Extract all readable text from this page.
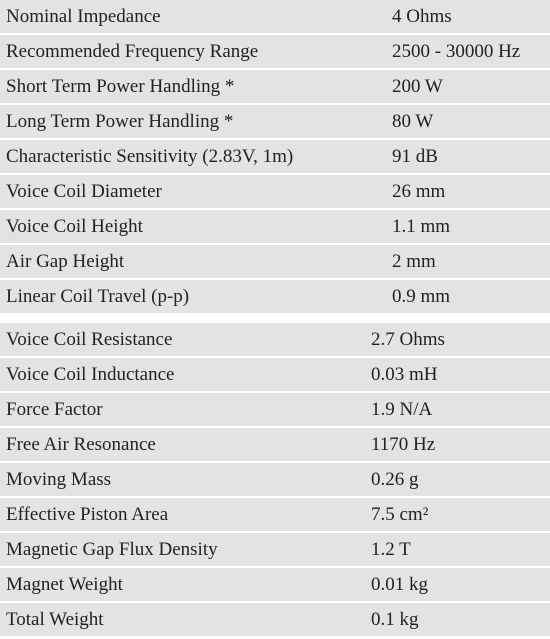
Nominal Impedance	4 Ohms
Recommended Frequency Range	2500 - 30000 Hz
Short Term Power Handling *	200 W
Long Term Power Handling *	80 W
Characteristic Sensitivity (2.83V, 1m)	91 dB
Voice Coil Diameter	26 mm
Voice Coil Height	1.1 mm
Air Gap Height	2 mm
Linear Coil Travel (p-p)	0.9 mm
Voice Coil Resistance	2.7 Ohms
Voice Coil Inductance	0.03 mH
Force Factor	1.9 N/A
Free Air Resonance	1170 Hz
Moving Mass	0.26 g
Effective Piston Area	7.5 cm²
Magnetic Gap Flux Density	1.2 T
Magnet Weight	0.01 kg
Total Weight	0.1 kg
